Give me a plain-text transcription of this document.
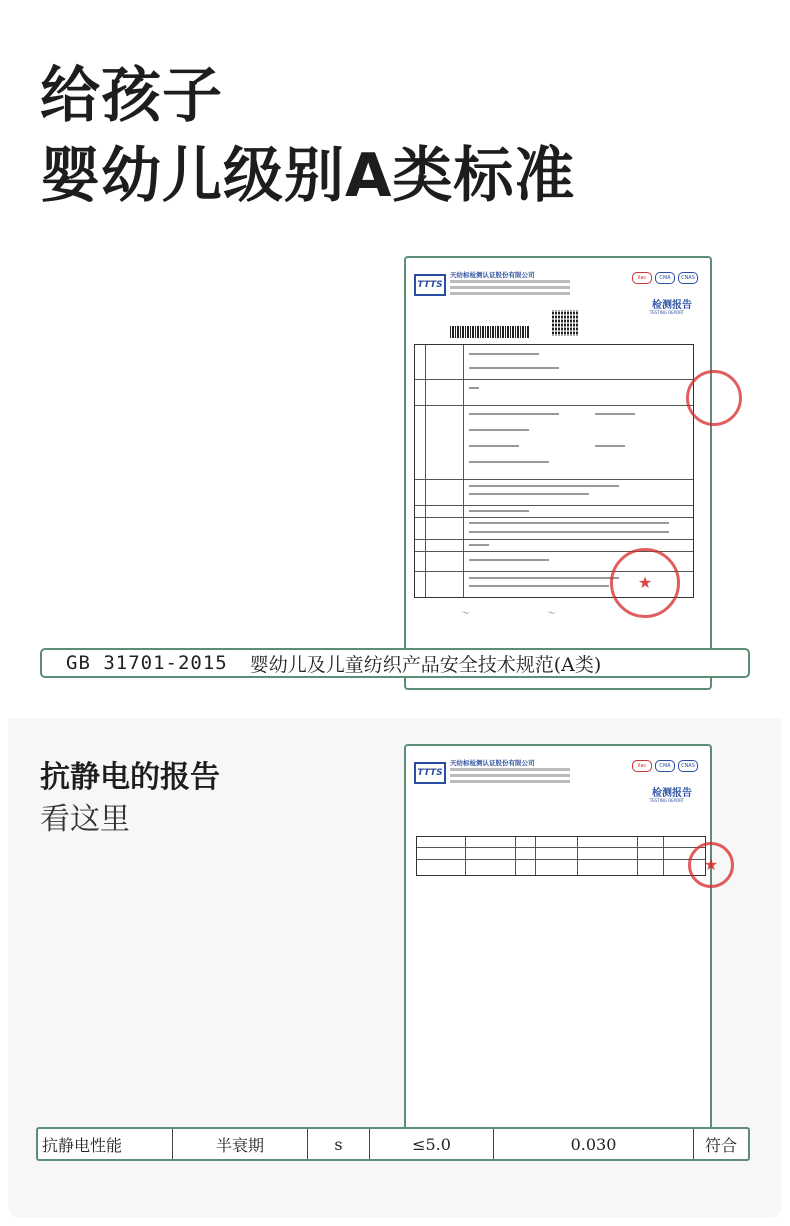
给孩子
婴幼儿级别A类标准
TTTS
天纺标检测认证股份有限公司	ilac	CMA	CNAS
检测报告
TESTING REPORT
〜	〜
★
GB 31701-2015 婴幼儿及儿童纺织产品安全技术规范(A类)
抗静电的报告
看这里
TTTS
天纺标检测认证股份有限公司	ilac	CMA	CNAS
检测报告
TESTING REPORT
★
抗静电性能	半衰期	s	≤5.0	0.030	符合
